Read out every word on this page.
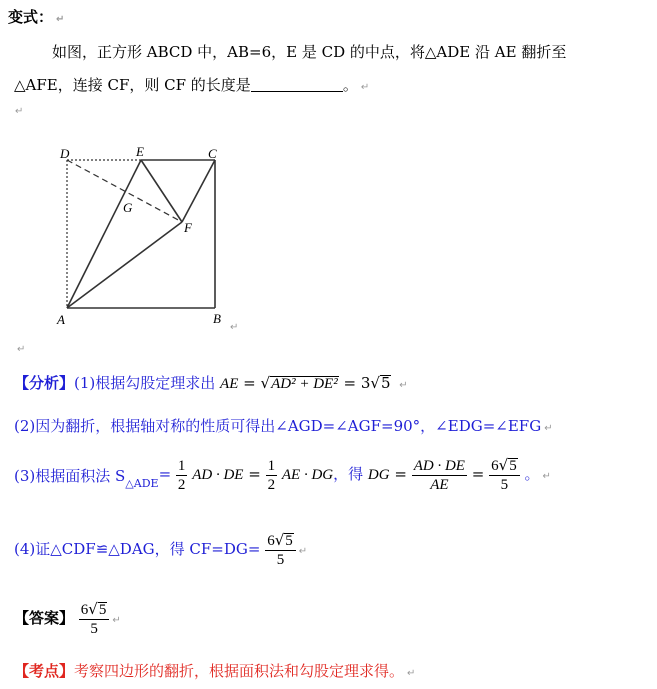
变式： ↵
如图，正方形 ABCD 中，AB=6，E 是 CD 的中点，将△ADE 沿 AE 翻折至
△AFE，连接 CF，则 CF 的长度是	。 ↵
↵
D	E	C
G
F
A	B
↵
↵
【分析】(1)根据勾股定理求出 AE = √AD² + DE² = 3√5 ↵
(2)因为翻折，根据轴对称的性质可得出∠AGD=∠AGF=90°，∠EDG=∠EFG ↵
(3)根据面积法 $S_{\triangle ADE}= \frac{1}{2}$ AD · DE = $\frac{1}{2}$ AE · DG，得 DG = $\frac{AD \cdot DE}{AE} = \frac{6√5}{5}$ 。 ↵
(4)证△CDF≌△DAG，得 $CF=DG= \frac{6√5}{5}$ ↵
【答案】 $\frac{6√5}{5}$ ↵
【考点】考察四边形的翻折，根据面积法和勾股定理求得。 ↵
